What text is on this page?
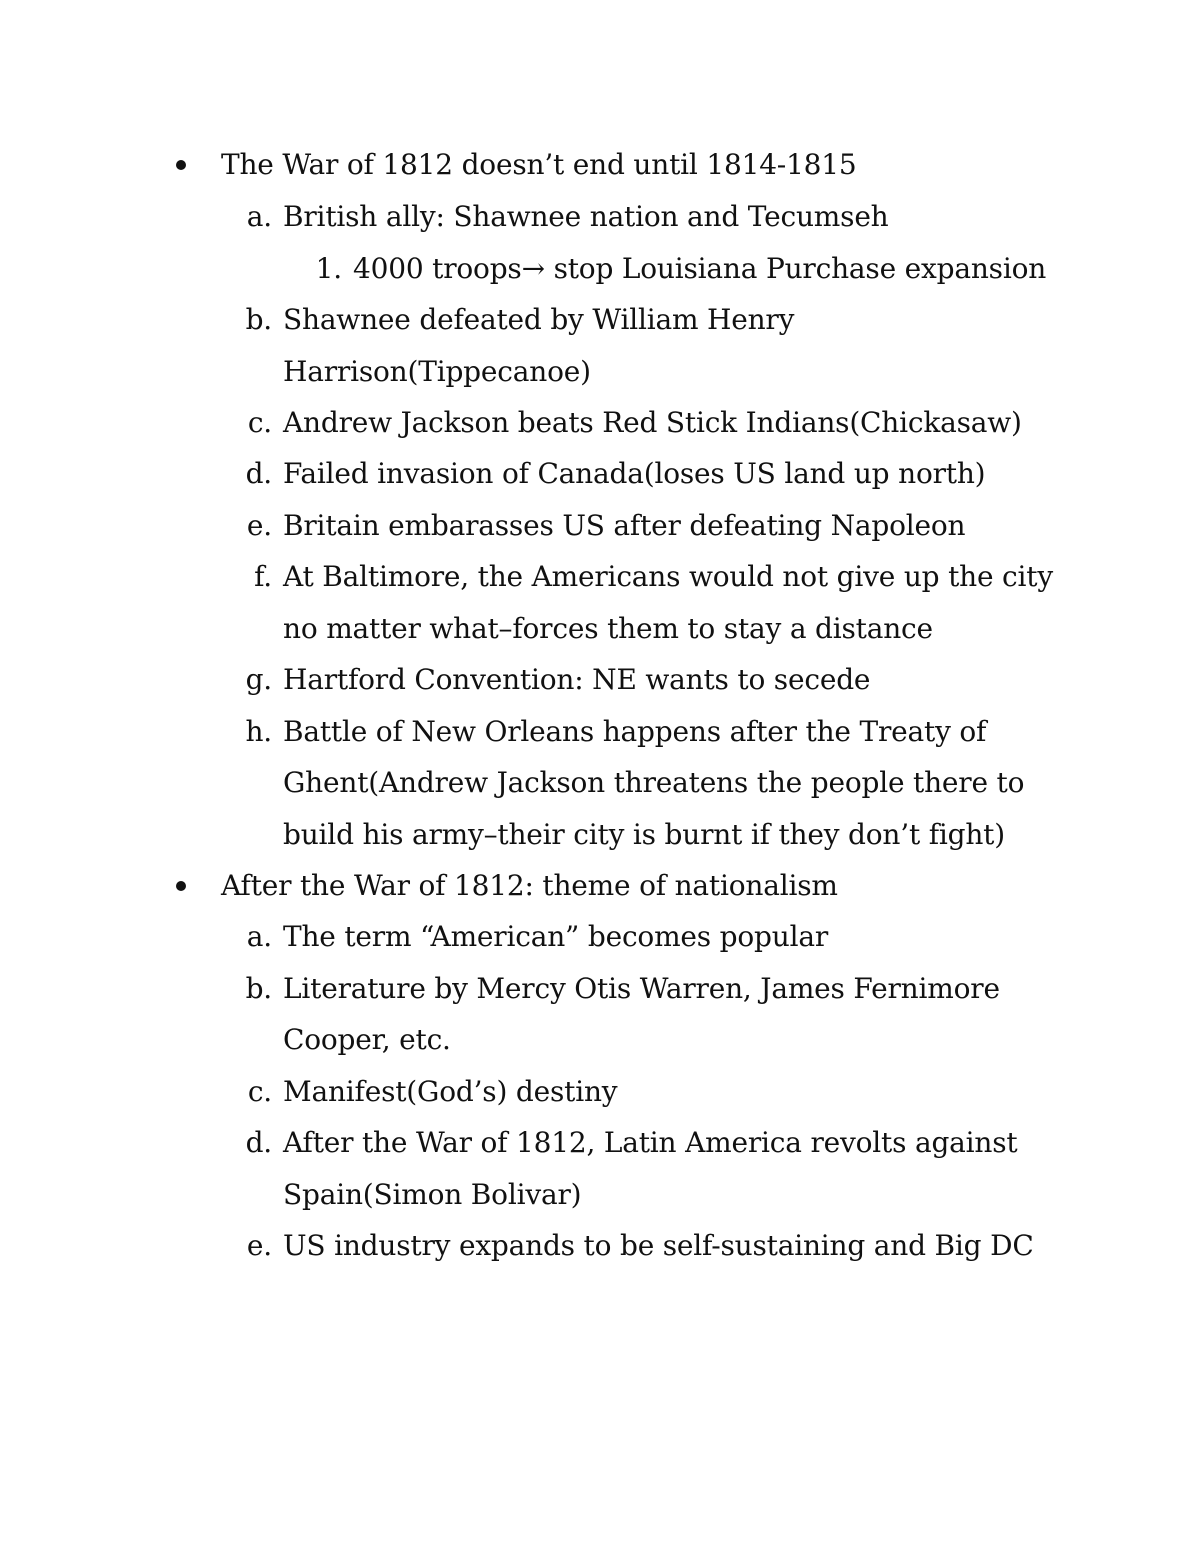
The War of 1812 doesn’t end until 1814-1815
a. British ally: Shawnee nation and Tecumseh
1. 4000 troops→ stop Louisiana Purchase expansion
b. Shawnee defeated by William Henry
Harrison(Tippecanoe)
c. Andrew Jackson beats Red Stick Indians(Chickasaw)
d. Failed invasion of Canada(loses US land up north)
e. Britain embarasses US after defeating Napoleon
f. At Baltimore, the Americans would not give up the city
no matter what–forces them to stay a distance
g. Hartford Convention: NE wants to secede
h. Battle of New Orleans happens after the Treaty of
Ghent(Andrew Jackson threatens the people there to
build his army–their city is burnt if they don’t fight)
After the War of 1812: theme of nationalism
a. The term “American” becomes popular
b. Literature by Mercy Otis Warren, James Fernimore
Cooper, etc.
c. Manifest(God’s) destiny
d. After the War of 1812, Latin America revolts against
Spain(Simon Bolivar)
e. US industry expands to be self-sustaining and Big DC
